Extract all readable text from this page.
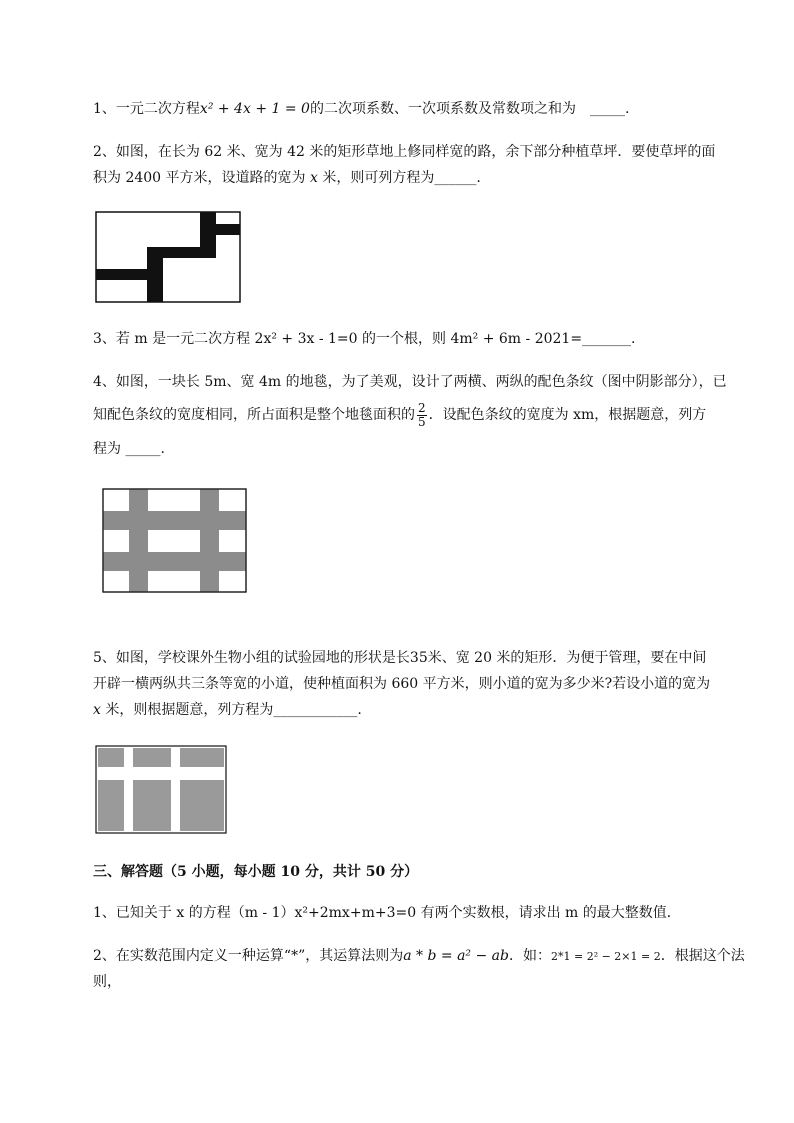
1、一元二次方程x² + 4x + 1 = 0的二次项系数、一次项系数及常数项之和为　_____.
2、如图，在长为 62 米、宽为 42 米的矩形草地上修同样宽的路，余下部分种植草坪．要使草坪的面
积为 2400 平方米，设道路的宽为 x 米，则可列方程为______.
3、若 m 是一元二次方程 2x² + 3x - 1=0 的一个根，则 4m² + 6m - 2021=_______.
4、如图，一块长 5m、宽 4m 的地毯，为了美观，设计了两横、两纵的配色条纹（图中阴影部分），已
知配色条纹的宽度相同，所占面积是整个地毯面积的 $\frac{2}{5}$ ．设配色条纹的宽度为 xm，根据题意，列方
程为 _____.
5、如图，学校课外生物小组的试验园地的形状是长35米、宽 20 米的矩形．为便于管理，要在中间
开辟一横两纵共三条等宽的小道，使种植面积为 660 平方米，则小道的宽为多少米?若设小道的宽为
x 米，则根据题意，列方程为____________.
三、解答题（5 小题，每小题 10 分，共计 50 分）
1、已知关于 x 的方程（m - 1）x²+2mx+m+3=0 有两个实数根，请求出 m 的最大整数值．
2、在实数范围内定义一种运算“*”，其运算法则为a * b = a² − ab．如：2*1 = 2² − 2×1 = 2．根据这个法
则，
